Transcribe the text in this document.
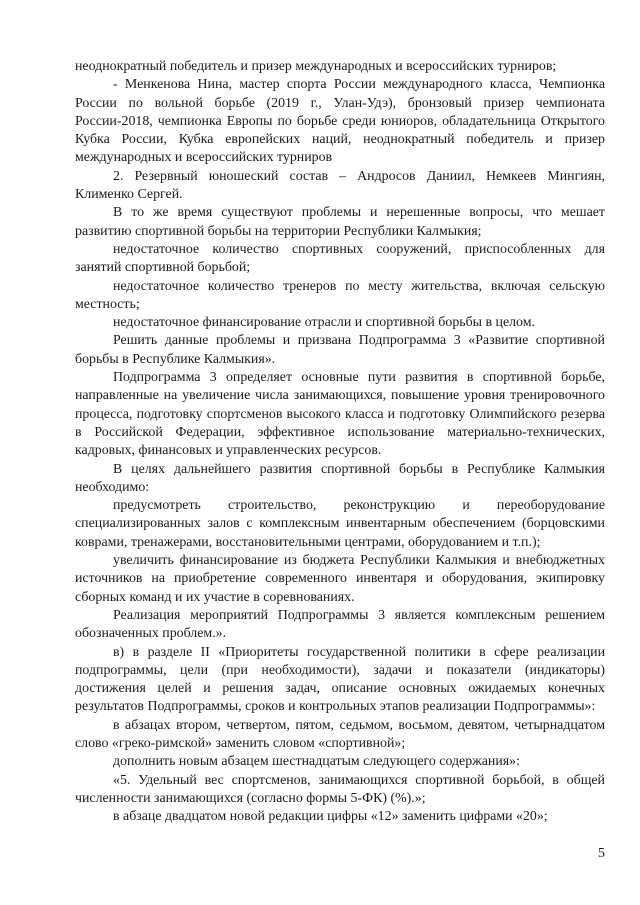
неоднократный победитель и призер международных и всероссийских турниров;

- Менкенова Нина, мастер спорта России международного класса, Чемпионка России по вольной борьбе (2019 г., Улан-Удэ), бронзовый призер чемпионата России-2018, чемпионка Европы по борьбе среди юниоров, обладательница Открытого Кубка России, Кубка европейских наций, неоднократный победитель и призер международных и всероссийских турниров

2. Резервный юношеский состав – Андросов Даниил, Немкеев Мингиян, Клименко Сергей.

В то же время существуют проблемы и нерешенные вопросы, что мешает развитию спортивной борьбы на территории Республики Калмыкия;

недостаточное количество спортивных сооружений, приспособленных для занятий спортивной борьбой;

недостаточное количество тренеров по месту жительства, включая сельскую местность;

недостаточное финансирование отрасли и спортивной борьбы в целом.

Решить данные проблемы и призвана Подпрограмма 3 «Развитие спортивной борьбы в Республике Калмыкия».

Подпрограмма 3 определяет основные пути развития в спортивной борьбе, направленные на увеличение числа занимающихся, повышение уровня тренировочного процесса, подготовку спортсменов высокого класса и подготовку Олимпийского резерва в Российской Федерации, эффективное использование материально-технических, кадровых, финансовых и управленческих ресурсов.

В целях дальнейшего развития спортивной борьбы в Республике Калмыкия необходимо:

предусмотреть строительство, реконструкцию и переоборудование специализированных залов с комплексным инвентарным обеспечением (борцовскими коврами, тренажерами, восстановительными центрами, оборудованием и т.п.);

увеличить финансирование из бюджета Республики Калмыкия и внебюджетных источников на приобретение современного инвентаря и оборудования, экипировку сборных команд и их участие в соревнованиях.

Реализация мероприятий Подпрограммы 3 является комплексным решением обозначенных проблем.».

в) в разделе II «Приоритеты государственной политики в сфере реализации подпрограммы, цели (при необходимости), задачи и показатели (индикаторы) достижения целей и решения задач, описание основных ожидаемых конечных результатов Подпрограммы, сроков и контрольных этапов реализации Подпрограммы»:

в абзацах втором, четвертом, пятом, седьмом, восьмом, девятом, четырнадцатом слово «греко-римской» заменить словом «спортивной»;

дополнить новым абзацем шестнадцатым следующего содержания»:

«5. Удельный вес спортсменов, занимающихся спортивной борьбой, в общей численности занимающихся (согласно формы 5-ФК) (%).»;

в абзаце двадцатом новой редакции цифры «12» заменить цифрами «20»;

5
